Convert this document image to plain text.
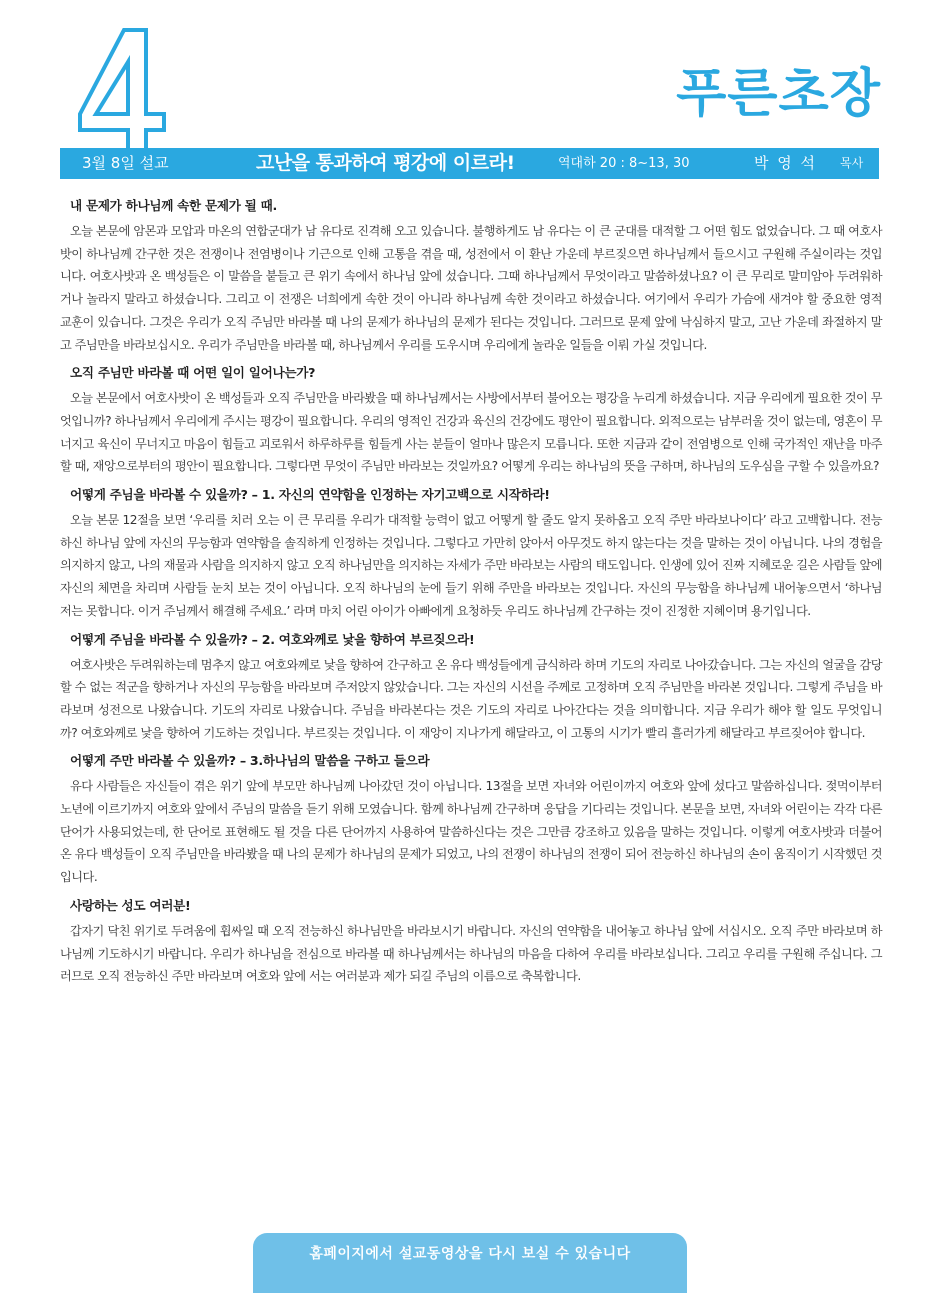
푸른초장
3월 8일 설교	고난을 통과하여 평강에 이르라!	역대하 20 : 8~13, 30	박 영 석 목사
내 문제가 하나님께 속한 문제가 될 때.

오늘 본문에 암몬과 모압과 마온의 연합군대가 남 유다로 진격해 오고 있습니다. 불행하게도 남 유다는 이 큰 군대를 대적할 그 어떤 힘도 없었습니다. 그 때 여호사밧이 하나님께 간구한 것은 전쟁이나 전염병이나 기근으로 인해 고통을 겪을 때, 성전에서 이 환난 가운데 부르짖으면 하나님께서 들으시고 구원해 주실이라는 것입니다. 여호사밧과 온 백성들은 이 말씀을 붙들고 큰 위기 속에서 하나님 앞에 섰습니다. 그때 하나님께서 무엇이라고 말씀하셨나요? 이 큰 무리로 말미암아 두려워하거나 놀라지 말라고 하셨습니다. 그리고 이 전쟁은 너희에게 속한 것이 아니라 하나님께 속한 것이라고 하셨습니다. 여기에서 우리가 가슴에 새겨야 할 중요한 영적 교훈이 있습니다. 그것은 우리가 오직 주님만 바라볼 때 나의 문제가 하나님의 문제가 된다는 것입니다. 그러므로 문제 앞에 낙심하지 말고, 고난 가운데 좌절하지 말고 주님만을 바라보십시오. 우리가 주님만을 바라볼 때, 하나님께서 우리를 도우시며 우리에게 놀라운 일들을 이뤄 가실 것입니다.

오직 주님만 바라볼 때 어떤 일이 일어나는가?

오늘 본문에서 여호사밧이 온 백성들과 오직 주님만을 바라봤을 때 하나님께서는 사방에서부터 불어오는 평강을 누리게 하셨습니다. 지금 우리에게 필요한 것이 무엇입니까? 하나님께서 우리에게 주시는 평강이 필요합니다. 우리의 영적인 건강과 육신의 건강에도 평안이 필요합니다. 외적으로는 남부러울 것이 없는데, 영혼이 무너지고 육신이 무너지고 마음이 힘들고 괴로워서 하루하루를 힘들게 사는 분들이 얼마나 많은지 모릅니다. 또한 지금과 같이 전염병으로 인해 국가적인 재난을 마주할 때, 재앙으로부터의 평안이 필요합니다. 그렇다면 무엇이 주님만 바라보는 것일까요? 어떻게 우리는 하나님의 뜻을 구하며, 하나님의 도우심을 구할 수 있을까요?

어떻게 주님을 바라볼 수 있을까? – 1. 자신의 연약함을 인정하는 자기고백으로 시작하라!

오늘 본문 12절을 보면 ‘우리를 치러 오는 이 큰 무리를 우리가 대적할 능력이 없고 어떻게 할 줄도 알지 못하옵고 오직 주만 바라보나이다’ 라고 고백합니다. 전능하신 하나님 앞에 자신의 무능함과 연약함을 솔직하게 인정하는 것입니다. 그렇다고 가만히 앉아서 아무것도 하지 않는다는 것을 말하는 것이 아닙니다. 나의 경험을 의지하지 않고, 나의 재물과 사람을 의지하지 않고 오직 하나님만을 의지하는 자세가 주만 바라보는 사람의 태도입니다. 인생에 있어 진짜 지혜로운 길은 사람들 앞에 자신의 체면을 차리며 사람들 눈치 보는 것이 아닙니다. 오직 하나님의 눈에 들기 위해 주만을 바라보는 것입니다. 자신의 무능함을 하나님께 내어놓으면서 ‘하나님 저는 못합니다. 이거 주님께서 해결해 주세요.’ 라며 마치 어린 아이가 아빠에게 요청하듯 우리도 하나님께 간구하는 것이 진정한 지혜이며 용기입니다.

어떻게 주님을 바라볼 수 있을까? – 2. 여호와께로 낯을 향하여 부르짖으라!

여호사밧은 두려워하는데 멈추지 않고 여호와께로 낯을 향하여 간구하고 온 유다 백성들에게 금식하라 하며 기도의 자리로 나아갔습니다. 그는 자신의 얼굴을 감당할 수 없는 적군을 향하거나 자신의 무능함을 바라보며 주저앉지 않았습니다. 그는 자신의 시선을 주께로 고정하며 오직 주님만을 바라본 것입니다. 그렇게 주님을 바라보며 성전으로 나왔습니다. 기도의 자리로 나왔습니다. 주님을 바라본다는 것은 기도의 자리로 나아간다는 것을 의미합니다. 지금 우리가 해야 할 일도 무엇입니까? 여호와께로 낯을 향하여 기도하는 것입니다. 부르짖는 것입니다. 이 재앙이 지나가게 해달라고, 이 고통의 시기가 빨리 흘러가게 해달라고 부르짖어야 합니다.

어떻게 주만 바라볼 수 있을까? – 3.하나님의 말씀을 구하고 들으라

유다 사람들은 자신들이 겪은 위기 앞에 부모만 하나님께 나아갔던 것이 아닙니다. 13절을 보면 자녀와 어린이까지 여호와 앞에 섰다고 말씀하십니다. 젖먹이부터 노년에 이르기까지 여호와 앞에서 주님의 말씀을 듣기 위해 모였습니다. 함께 하나님께 간구하며 응답을 기다리는 것입니다. 본문을 보면, 자녀와 어린이는 각각 다른 단어가 사용되었는데, 한 단어로 표현해도 될 것을 다른 단어까지 사용하여 말씀하신다는 것은 그만큼 강조하고 있음을 말하는 것입니다. 이렇게 여호사밧과 더불어 온 유다 백성들이 오직 주님만을 바라봤을 때 나의 문제가 하나님의 문제가 되었고, 나의 전쟁이 하나님의 전쟁이 되어 전능하신 하나님의 손이 움직이기 시작했던 것입니다.

사랑하는 성도 여러분!

갑자기 닥친 위기로 두려움에 휩싸일 때 오직 전능하신 하나님만을 바라보시기 바랍니다. 자신의 연약함을 내어놓고 하나님 앞에 서십시오. 오직 주만 바라보며 하나님께 기도하시기 바랍니다. 우리가 하나님을 전심으로 바라볼 때 하나님께서는 하나님의 마음을 다하여 우리를 바라보십니다. 그리고 우리를 구원해 주십니다. 그러므로 오직 전능하신 주만 바라보며 여호와 앞에 서는 여러분과 제가 되길 주님의 이름으로 축복합니다.

홈페이지에서 설교동영상을 다시 보실 수 있습니다
